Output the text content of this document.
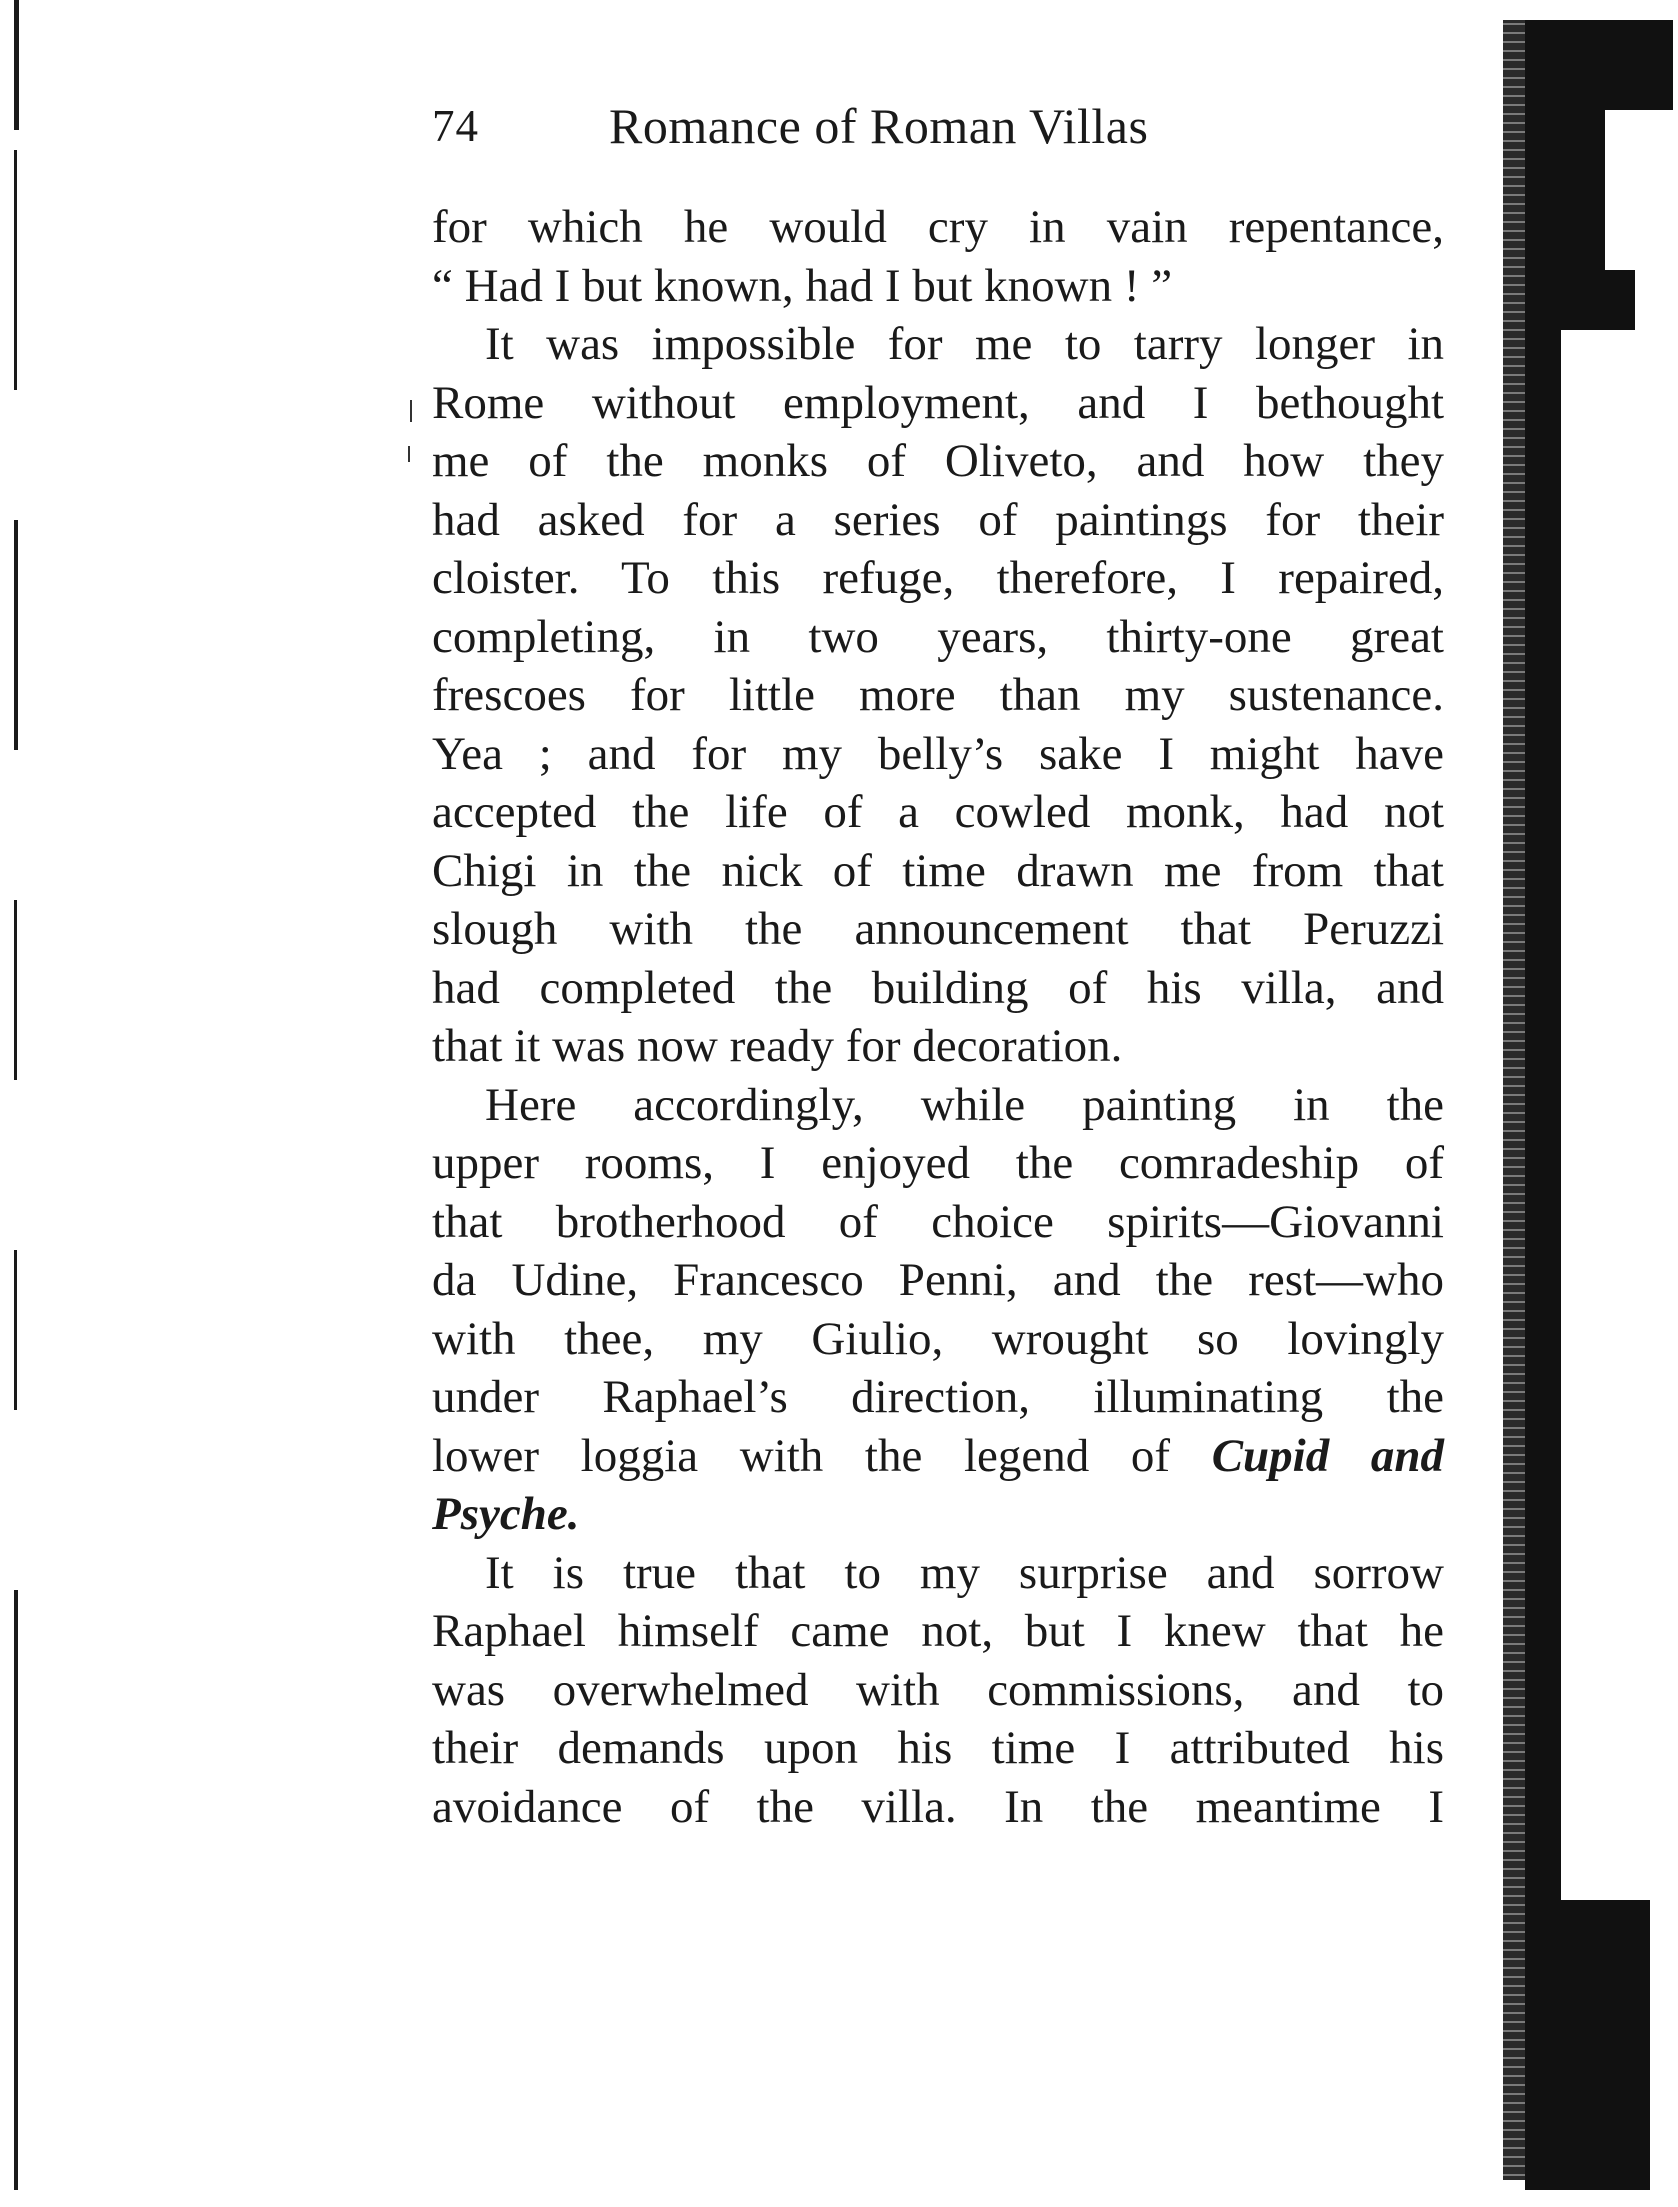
74	Romance of Roman Villas
for which he would cry in vain repentance,
“ Had I but known, had I but known ! ”
It was impossible for me to tarry longer in
Rome without employment, and I bethought
me of the monks of Oliveto, and how they
had asked for a series of paintings for their
cloister. To this refuge, therefore, I repaired,
completing, in two years, thirty-one great
frescoes for little more than my sustenance.
Yea ; and for my belly’s sake I might have
accepted the life of a cowled monk, had not
Chigi in the nick of time drawn me from that
slough with the announcement that Peruzzi
had completed the building of his villa, and
that it was now ready for decoration.
Here accordingly, while painting in the
upper rooms, I enjoyed the comradeship of
that brotherhood of choice spirits—Giovanni
da Udine, Francesco Penni, and the rest—who
with thee, my Giulio, wrought so lovingly
under Raphael’s direction, illuminating the
lower loggia with the legend of Cupid and
Psyche.
It is true that to my surprise and sorrow
Raphael himself came not, but I knew that he
was overwhelmed with commissions, and to
their demands upon his time I attributed his
avoidance of the villa. In the meantime I
